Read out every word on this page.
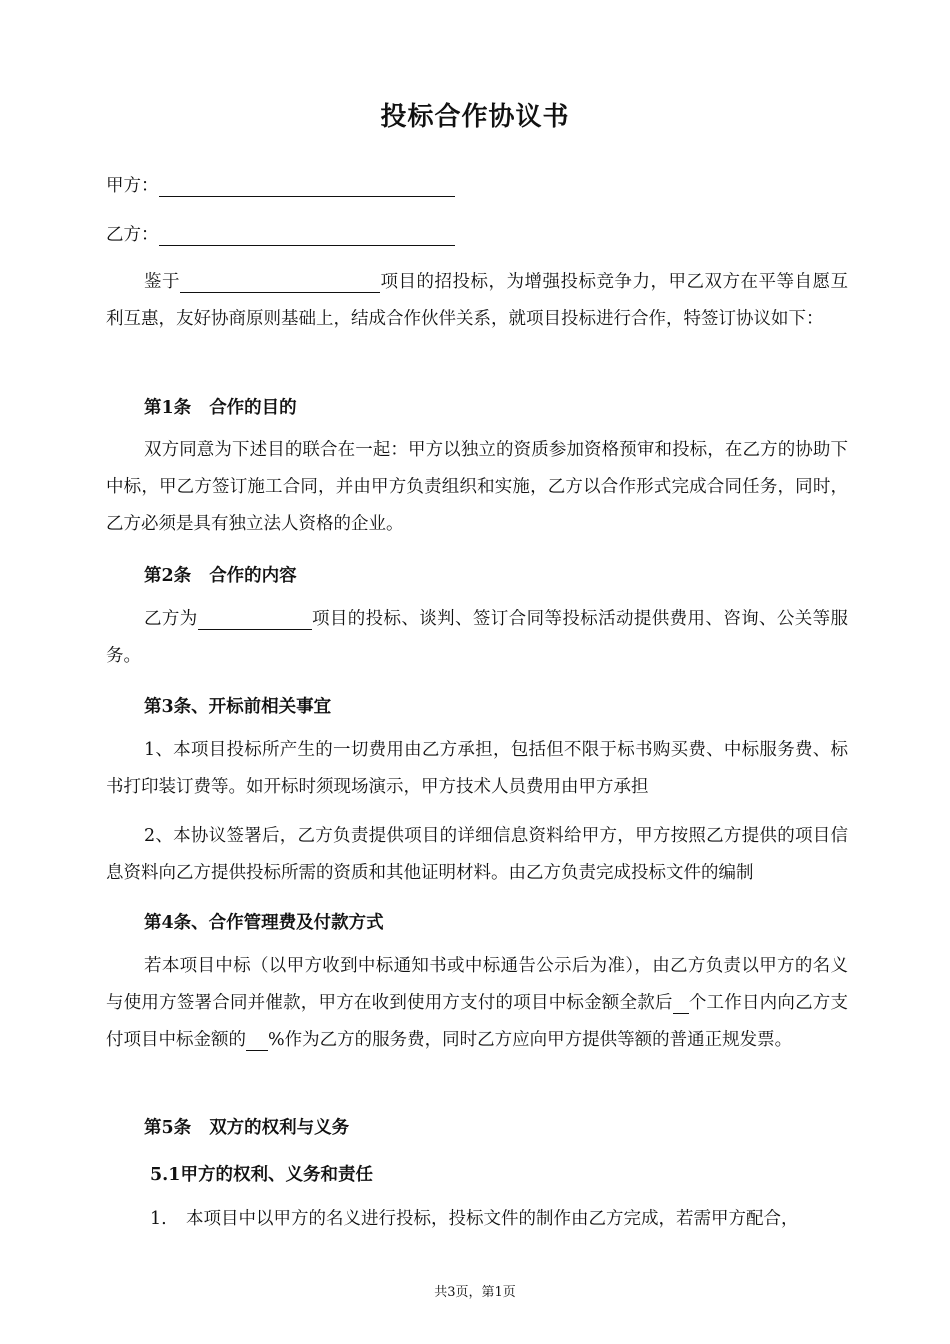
投标合作协议书
甲方：
乙方：
鉴于	项目的招投标，为增强投标竞争力，甲乙双方在平等自愿互利互惠，友好协商原则基础上，结成合作伙伴关系，就项目投标进行合作，特签订协议如下：
第1条 合作的目的
双方同意为下述目的联合在一起：甲方以独立的资质参加资格预审和投标，在乙方的协助下中标，甲乙方签订施工合同，并由甲方负责组织和实施，乙方以合作形式完成合同任务，同时，乙方必须是具有独立法人资格的企业。
第2条 合作的内容
乙方为	项目的投标、谈判、签订合同等投标活动提供费用、咨询、公关等服务。
第3条、开标前相关事宜
1、本项目投标所产生的一切费用由乙方承担，包括但不限于标书购买费、中标服务费、标书打印装订费等。如开标时须现场演示，甲方技术人员费用由甲方承担
2、本协议签署后，乙方负责提供项目的详细信息资料给甲方，甲方按照乙方提供的项目信息资料向乙方提供投标所需的资质和其他证明材料。由乙方负责完成投标文件的编制
第4条、合作管理费及付款方式
若本项目中标（以甲方收到中标通知书或中标通告公示后为准），由乙方负责以甲方的名义与使用方签署合同并催款，甲方在收到使用方支付的项目中标金额全款后 个工作日内向乙方支付项目中标金额的 %作为乙方的服务费，同时乙方应向甲方提供等额的普通正规发票。
第5条 双方的权利与义务
5.1甲方的权利、义务和责任
1. 本项目中以甲方的名义进行投标，投标文件的制作由乙方完成，若需甲方配合，
共3页，第1页
